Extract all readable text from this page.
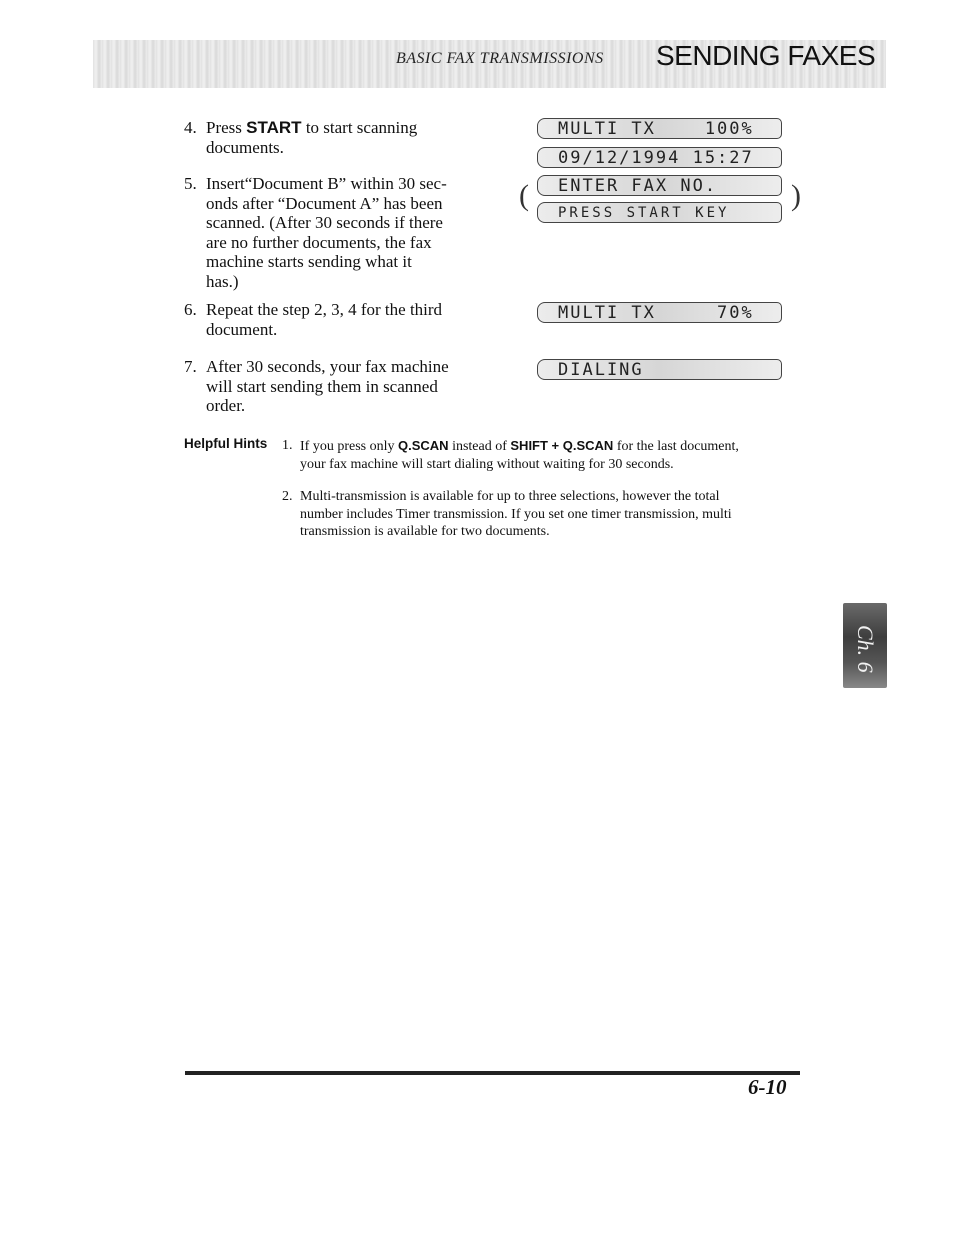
BASIC FAX TRANSMISSIONS SENDING FAXES
4. Press START to start scanning
documents.
5. Insert“Document B” within 30 sec-
onds after “Document A” has been
scanned. (After 30 seconds if there
are no further documents, the fax
machine starts sending what it
has.)
6. Repeat the step 2, 3, 4 for the third
document.
7. After 30 seconds, your fax machine
will start sending them in scanned
order.
MULTI TX    100%
09/12/1994 15:27
(	ENTER FAX NO.
PRESS START KEY
)
MULTI TX     70%
DIALING
Helpful Hints 1. If you press only Q.SCAN instead of SHIFT + Q.SCAN for the last document,
your fax machine will start dialing without waiting for 30 seconds.
2. Multi-transmission is available for up to three selections, however the total
number includes Timer transmission. If you set one timer transmission, multi
transmission is available for two documents.
Ch. 6
6-10
